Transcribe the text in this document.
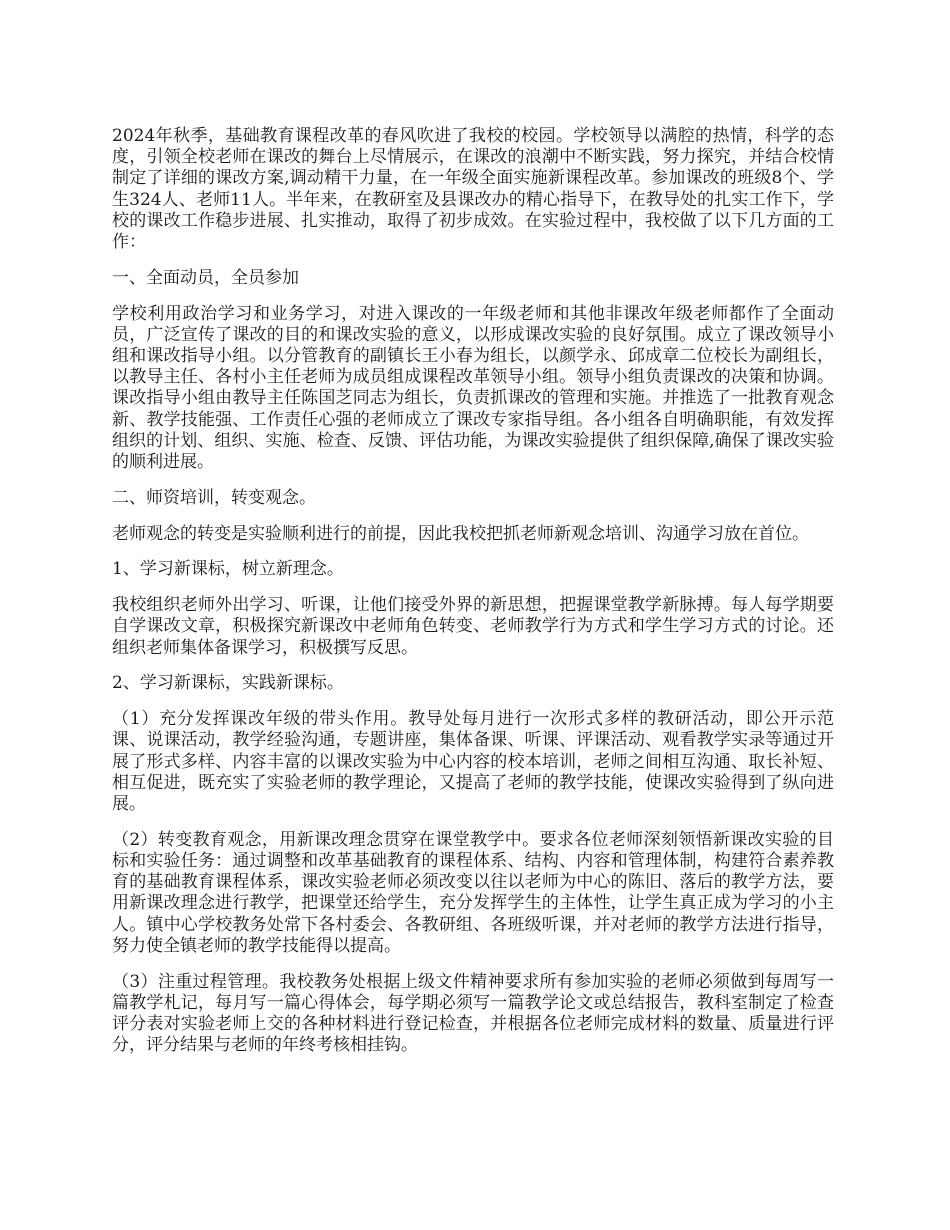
2024年秋季，基础教育课程改革的春风吹进了我校的校园。学校领导以满腔的热情，科学的态度，引领全校老师在课改的舞台上尽情展示，在课改的浪潮中不断实践，努力探究，并结合校情制定了详细的课改方案,调动精干力量，在一年级全面实施新课程改革。参加课改的班级8个、学生324人、老师11人。半年来，在教研室及县课改办的精心指导下，在教导处的扎实工作下，学校的课改工作稳步进展、扎实推动，取得了初步成效。在实验过程中，我校做了以下几方面的工作：

一、全面动员，全员参加

学校利用政治学习和业务学习，对进入课改的一年级老师和其他非课改年级老师都作了全面动员，广泛宣传了课改的目的和课改实验的意义，以形成课改实验的良好氛围。成立了课改领导小组和课改指导小组。以分管教育的副镇长王小春为组长，以颜学永、邱成章二位校长为副组长，以教导主任、各村小主任老师为成员组成课程改革领导小组。领导小组负责课改的决策和协调。课改指导小组由教导主任陈国芝同志为组长，负责抓课改的管理和实施。并推选了一批教育观念新、教学技能强、工作责任心强的老师成立了课改专家指导组。各小组各自明确职能，有效发挥组织的计划、组织、实施、检查、反馈、评估功能，为课改实验提供了组织保障,确保了课改实验的顺利进展。

二、师资培训，转变观念。

老师观念的转变是实验顺利进行的前提，因此我校把抓老师新观念培训、沟通学习放在首位。

1、学习新课标，树立新理念。

我校组织老师外出学习、听课，让他们接受外界的新思想，把握课堂教学新脉搏。每人每学期要自学课改文章，积极探究新课改中老师角色转变、老师教学行为方式和学生学习方式的讨论。还组织老师集体备课学习，积极撰写反思。

2、学习新课标，实践新课标。

（1）充分发挥课改年级的带头作用。教导处每月进行一次形式多样的教研活动，即公开示范课、说课活动，教学经验沟通，专题讲座，集体备课、听课、评课活动、观看教学实录等通过开展了形式多样、内容丰富的以课改实验为中心内容的校本培训，老师之间相互沟通、取长补短、相互促进，既充实了实验老师的教学理论，又提高了老师的教学技能，使课改实验得到了纵向进展。

（2）转变教育观念，用新课改理念贯穿在课堂教学中。要求各位老师深刻领悟新课改实验的目标和实验任务：通过调整和改革基础教育的课程体系、结构、内容和管理体制，构建符合素养教育的基础教育课程体系，课改实验老师必须改变以往以老师为中心的陈旧、落后的教学方法，要用新课改理念进行教学，把课堂还给学生，充分发挥学生的主体性，让学生真正成为学习的小主人。镇中心学校教务处常下各村委会、各教研组、各班级听课，并对老师的教学方法进行指导，努力使全镇老师的教学技能得以提高。

（3）注重过程管理。我校教务处根据上级文件精神要求所有参加实验的老师必须做到每周写一篇教学札记，每月写一篇心得体会，每学期必须写一篇教学论文或总结报告，教科室制定了检查评分表对实验老师上交的各种材料进行登记检查，并根据各位老师完成材料的数量、质量进行评分，评分结果与老师的年终考核相挂钩。
